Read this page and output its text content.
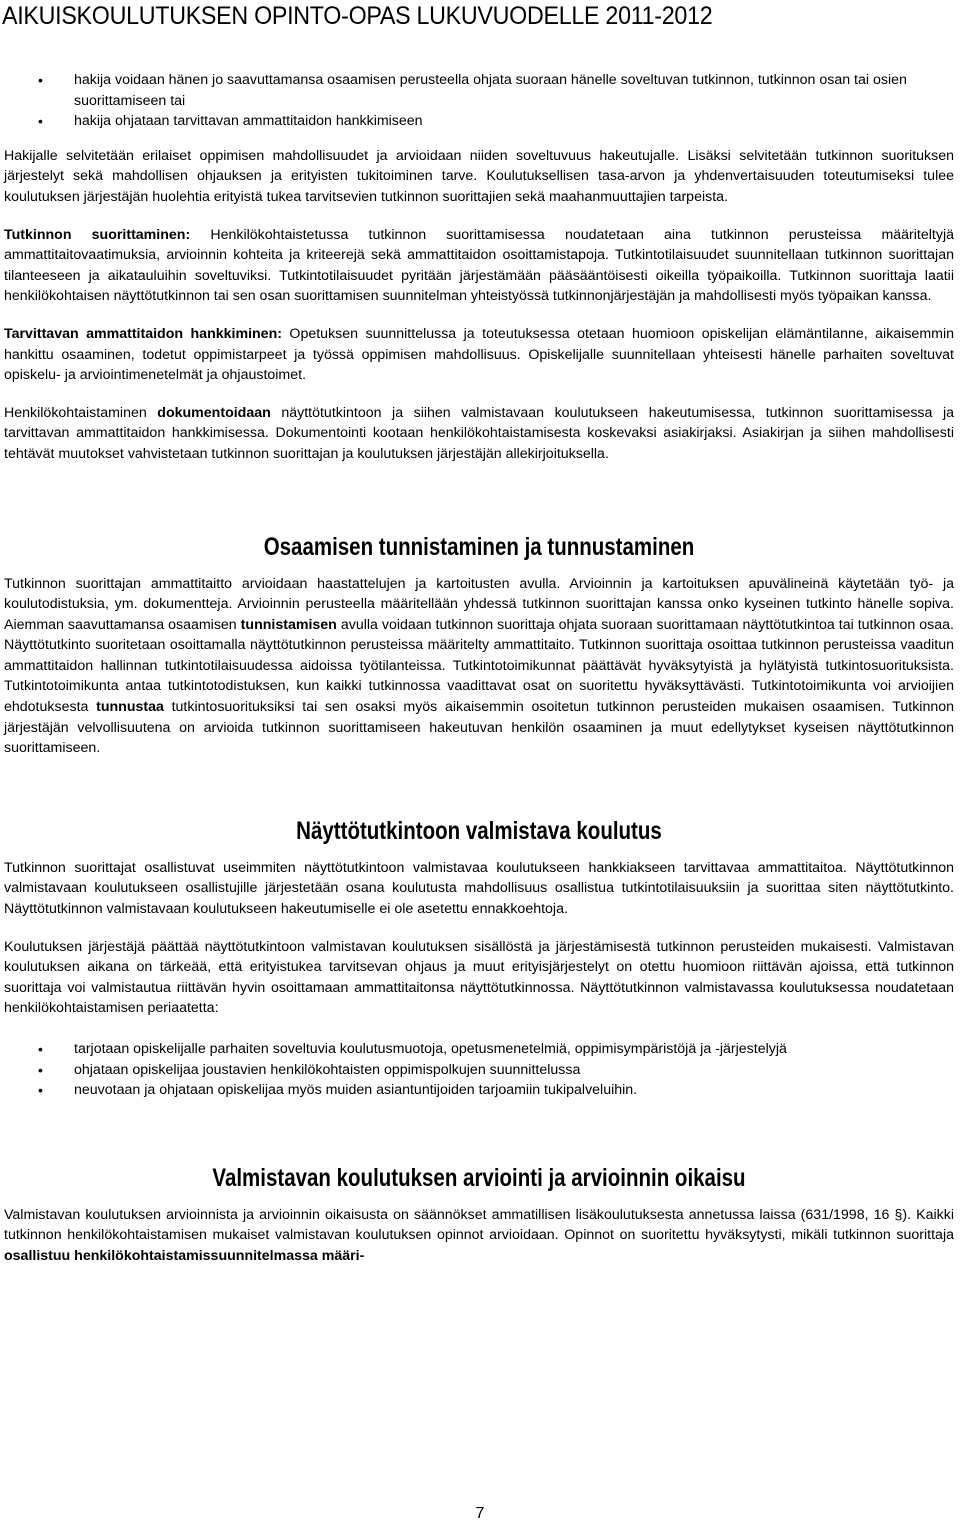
AIKUISKOULUTUKSEN OPINTO-OPAS LUKUVUODELLE 2011-2012
• hakija voidaan hänen jo saavuttamansa osaamisen perusteella ohjata suoraan hänelle soveltuvan tutkinnon, tutkinnon osan tai osien suorittamiseen tai
• hakija ohjataan tarvittavan ammattitaidon hankkimiseen

Hakijalle selvitetään erilaiset oppimisen mahdollisuudet ja arvioidaan niiden soveltuvuus hakeutujalle. Lisäksi selvitetään tutkinnon suorituksen järjestelyt sekä mahdollisen ohjauksen ja erityisten tukitoiminen tarve. Koulutuksellisen tasa-arvon ja yhdenvertaisuuden toteutumiseksi tulee koulutuksen järjestäjän huolehtia erityistä tukea tarvitsevien tutkinnon suorittajien sekä maahanmuuttajien tarpeista.

Tutkinnon suorittaminen: Henkilökohtaistetussa tutkinnon suorittamisessa noudatetaan aina tutkinnon perusteissa määriteltyjä ammattitaitovaatimuksia, arvioinnin kohteita ja kriteerejä sekä ammattitaidon osoittamistapoja. Tutkintotilaisuudet suunnitellaan tutkinnon suorittajan tilanteeseen ja aikatauluihin soveltuviksi. Tutkintotilaisuudet pyritään järjestämään pääsääntöisesti oikeilla työpaikoilla. Tutkinnon suorittaja laatii henkilökohtaisen näyttötutkinnon tai sen osan suorittamisen suunnitelman yhteistyössä tutkinnonjärjestäjän ja mahdollisesti myös työpaikan kanssa.

Tarvittavan ammattitaidon hankkiminen: Opetuksen suunnittelussa ja toteutuksessa otetaan huomioon opiskelijan elämäntilanne, aikaisemmin hankittu osaaminen, todetut oppimistarpeet ja työssä oppimisen mahdollisuus. Opiskelijalle suunnitellaan yhteisesti hänelle parhaiten soveltuvat opiskelu- ja arviointimenetelmät ja ohjaustoimet.

Henkilökohtaistaminen dokumentoidaan näyttötutkintoon ja siihen valmistavaan koulutukseen hakeutumisessa, tutkinnon suorittamisessa ja tarvittavan ammattitaidon hankkimisessa. Dokumentointi kootaan henkilökohtaistamisesta koskevaksi asiakirjaksi. Asiakirjan ja siihen mahdollisesti tehtävät muutokset vahvistetaan tutkinnon suorittajan ja koulutuksen järjestäjän allekirjoituksella.

Osaamisen tunnistaminen ja tunnustaminen

Tutkinnon suorittajan ammattitaitto arvioidaan haastattelujen ja kartoitusten avulla. Arvioinnin ja kartoituksen apuvälineinä käytetään työ- ja koulutodistuksia, ym. dokumentteja. Arvioinnin perusteella määritellään yhdessä tutkinnon suorittajan kanssa onko kyseinen tutkinto hänelle sopiva. Aiemman saavuttamansa osaamisen tunnistamisen avulla voidaan tutkinnon suorittaja ohjata suoraan suorittamaan näyttötutkintoa tai tutkinnon osaa. Näyttötutkinto suoritetaan osoittamalla näyttötutkinnon perusteissa määritelty ammattitaito. Tutkinnon suorittaja osoittaa tutkinnon perusteissa vaaditun ammattitaidon hallinnan tutkintotilaisuudessa aidoissa työtilanteissa. Tutkintotoimikunnat päättävät hyväksytyistä ja hylätyistä tutkintosuorituksista. Tutkintotoimikunta antaa tutkintotodistuksen, kun kaikki tutkinnossa vaadittavat osat on suoritettu hyväksyttävästi. Tutkintotoimikunta voi arvioijien ehdotuksesta tunnustaa tutkintosuorituksiksi tai sen osaksi myös aikaisemmin osoitetun tutkinnon perusteiden mukaisen osaamisen. Tutkinnon järjestäjän velvollisuutena on arvioida tutkinnon suorittamiseen hakeutuvan henkilön osaaminen ja muut edellytykset kyseisen näyttötutkinnon suorittamiseen.

Näyttötutkintoon valmistava koulutus

Tutkinnon suorittajat osallistuvat useimmiten näyttötutkintoon valmistavaa koulutukseen hankkiakseen tarvittavaa ammattitaitoa. Näyttötutkinnon valmistavaan koulutukseen osallistujille järjestetään osana koulutusta mahdollisuus osallistua tutkintotilaisuuksiin ja suorittaa siten näyttötutkinto. Näyttötutkinnon valmistavaan koulutukseen hakeutumiselle ei ole asetettu ennakkoehtoja.

Koulutuksen järjestäjä päättää näyttötutkintoon valmistavan koulutuksen sisällöstä ja järjestämisestä tutkinnon perusteiden mukaisesti. Valmistavan koulutuksen aikana on tärkeää, että erityistukea tarvitsevan ohjaus ja muut erityisjärjestelyt on otettu huomioon riittävän ajoissa, että tutkinnon suorittaja voi valmistautua riittävän hyvin osoittamaan ammattitaitonsa näyttötutkinnossa. Näyttötutkinnon valmistavassa koulutuksessa noudatetaan henkilökohtaistamisen periaatetta:

• tarjotaan opiskelijalle parhaiten soveltuvia koulutusmuotoja, opetusmenetelmiä, oppimisympäristöjä ja -järjestelyjä
• ohjataan opiskelijaa joustavien henkilökohtaisten oppimispolkujen suunnittelussa
• neuvotaan ja ohjataan opiskelijaa myös muiden asiantuntijoiden tarjoamiin tukipalveluihin.
Valmistavan koulutuksen arviointi ja arvioinnin oikaisu

Valmistavan koulutuksen arvioinnista ja arvioinnin oikaisusta on säännökset ammatillisen lisäkoulutuksesta annetussa laissa (631/1998, 16 §). Kaikki tutkinnon henkilökohtaistamisen mukaiset valmistavan koulutuksen opinnot arvioidaan. Opinnot on suoritettu hyväksytysti, mikäli tutkinnon suorittaja osallistuu henkilökohtaistamissuunnitelmassa määri-

7
